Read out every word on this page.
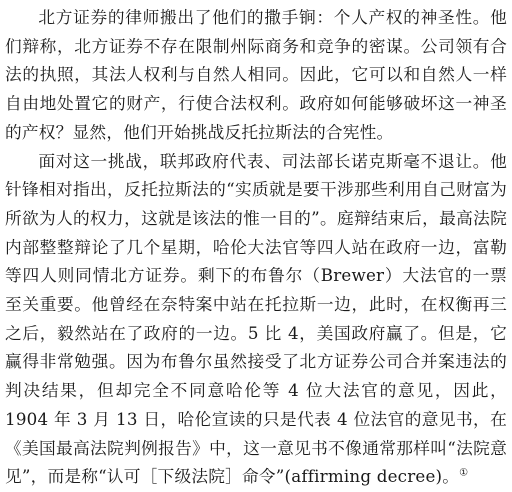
北方证券的律师搬出了他们的撒手锏：个人产权的神圣性。他们辩称，北方证券不存在限制州际商务和竞争的密谋。公司领有合法的执照，其法人权利与自然人相同。因此，它可以和自然人一样自由地处置它的财产，行使合法权利。政府如何能够破坏这一神圣的产权？显然，他们开始挑战反托拉斯法的合宪性。

面对这一挑战，联邦政府代表、司法部长诺克斯毫不退让。他针锋相对指出，反托拉斯法的“实质就是要干涉那些利用自己财富为所欲为人的权力，这就是该法的惟一目的”。庭辩结束后，最高法院内部整整辩论了几个星期，哈伦大法官等四人站在政府一边，富勒等四人则同情北方证券。剩下的布鲁尔（Brewer）大法官的一票至关重要。他曾经在奈特案中站在托拉斯一边，此时，在权衡再三之后，毅然站在了政府的一边。5 比 4，美国政府赢了。但是，它赢得非常勉强。因为布鲁尔虽然接受了北方证券公司合并案违法的判决结果，但却完全不同意哈伦等 4 位大法官的意见，因此，1904 年 3 月 13 日，哈伦宣读的只是代表 4 位法官的意见书，在《美国最高法院判例报告》中，这一意见书不像通常那样叫“法院意见”，而是称“认可［下级法院］命令”(affirming decree)。①
